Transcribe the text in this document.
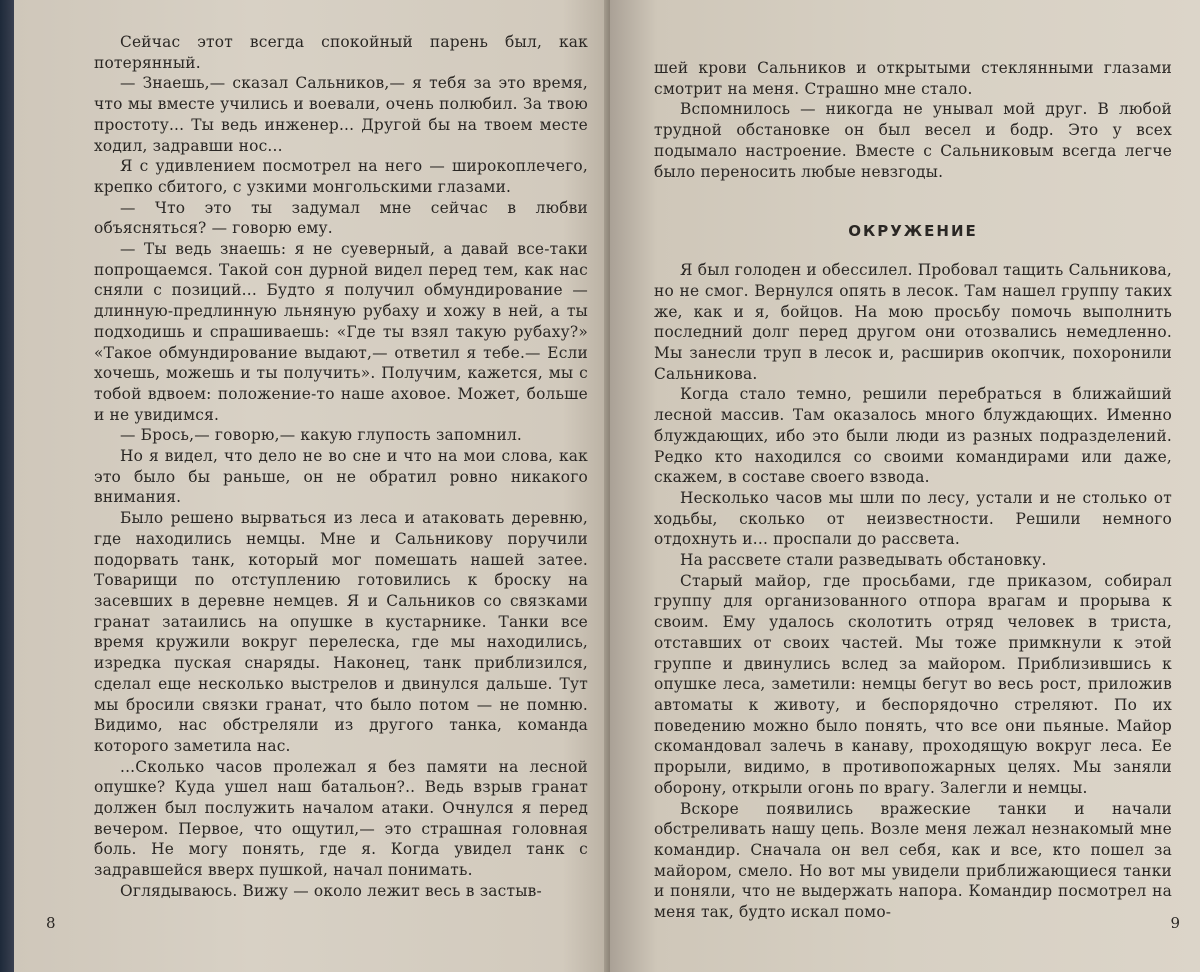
Сейчас этот всегда спокойный парень был, как потерянный.

— Знаешь,— сказал Сальников,— я тебя за это время, что мы вместе учились и воевали, очень полюбил. За твою простоту... Ты ведь инженер... Другой бы на твоем месте ходил, задравши нос...

Я с удивлением посмотрел на него — широкоплечего, крепко сбитого, с узкими монгольскими глазами.

— Что это ты задумал мне сейчас в любви объясняться? — говорю ему.

— Ты ведь знаешь: я не суеверный, а давай все-таки попрощаемся. Такой сон дурной видел перед тем, как нас сняли с позиций... Будто я получил обмундирование — длинную-предлинную льняную рубаху и хожу в ней, а ты подходишь и спрашиваешь: «Где ты взял такую рубаху?» «Такое обмундирование выдают,— ответил я тебе.— Если хочешь, можешь и ты получить». Получим, кажется, мы с тобой вдвоем: положение-то наше аховое. Может, больше и не увидимся.

— Брось,— говорю,— какую глупость запомнил.

Но я видел, что дело не во сне и что на мои слова, как это было бы раньше, он не обратил ровно никакого внимания.

Было решено вырваться из леса и атаковать деревню, где находились немцы. Мне и Сальникову поручили подорвать танк, который мог помешать нашей затее. Товарищи по отступлению готовились к броску на засевших в деревне немцев. Я и Сальников со связками гранат затаились на опушке в кустарнике. Танки все время кружили вокруг перелеска, где мы находились, изредка пуская снаряды. Наконец, танк приблизился, сделал еще несколько выстрелов и двинулся дальше. Тут мы бросили связки гранат, что было потом — не помню. Видимо, нас обстреляли из другого танка, команда которого заметила нас.

...Сколько часов пролежал я без памяти на лесной опушке? Куда ушел наш батальон?.. Ведь взрыв гранат должен был послужить началом атаки. Очнулся я перед вечером. Первое, что ощутил,— это страшная головная боль. Не могу понять, где я. Когда увидел танк с задравшейся вверх пушкой, начал понимать.

Оглядываюсь. Вижу — около лежит весь в застыв-

8

шей крови Сальников и открытыми стеклянными глазами смотрит на меня. Страшно мне стало.

Вспомнилось — никогда не унывал мой друг. В любой трудной обстановке он был весел и бодр. Это у всех подымало настроение. Вместе с Сальниковым всегда легче было переносить любые невзгоды.

ОКРУЖЕНИЕ

Я был голоден и обессилел. Пробовал тащить Сальникова, но не смог. Вернулся опять в лесок. Там нашел группу таких же, как и я, бойцов. На мою просьбу помочь выполнить последний долг перед другом они отозвались немедленно. Мы занесли труп в лесок и, расширив окопчик, похоронили Сальникова.

Когда стало темно, решили перебраться в ближайший лесной массив. Там оказалось много блуждающих. Именно блуждающих, ибо это были люди из разных подразделений. Редко кто находился со своими командирами или даже, скажем, в составе своего взвода.

Несколько часов мы шли по лесу, устали и не столько от ходьбы, сколько от неизвестности. Решили немного отдохнуть и... проспали до рассвета.

На рассвете стали разведывать обстановку.

Старый майор, где просьбами, где приказом, собирал группу для организованного отпора врагам и прорыва к своим. Ему удалось сколотить отряд человек в триста, отставших от своих частей. Мы тоже примкнули к этой группе и двинулись вслед за майором. Приблизившись к опушке леса, заметили: немцы бегут во весь рост, приложив автоматы к животу, и беспорядочно стреляют. По их поведению можно было понять, что все они пьяные. Майор скомандовал залечь в канаву, проходящую вокруг леса. Ее прорыли, видимо, в противопожарных целях. Мы заняли оборону, открыли огонь по врагу. Залегли и немцы.

Вскоре появились вражеские танки и начали обстреливать нашу цепь. Возле меня лежал незнакомый мне командир. Сначала он вел себя, как и все, кто пошел за майором, смело. Но вот мы увидели приближающиеся танки и поняли, что не выдержать напора. Командир посмотрел на меня так, будто искал помо-

9
